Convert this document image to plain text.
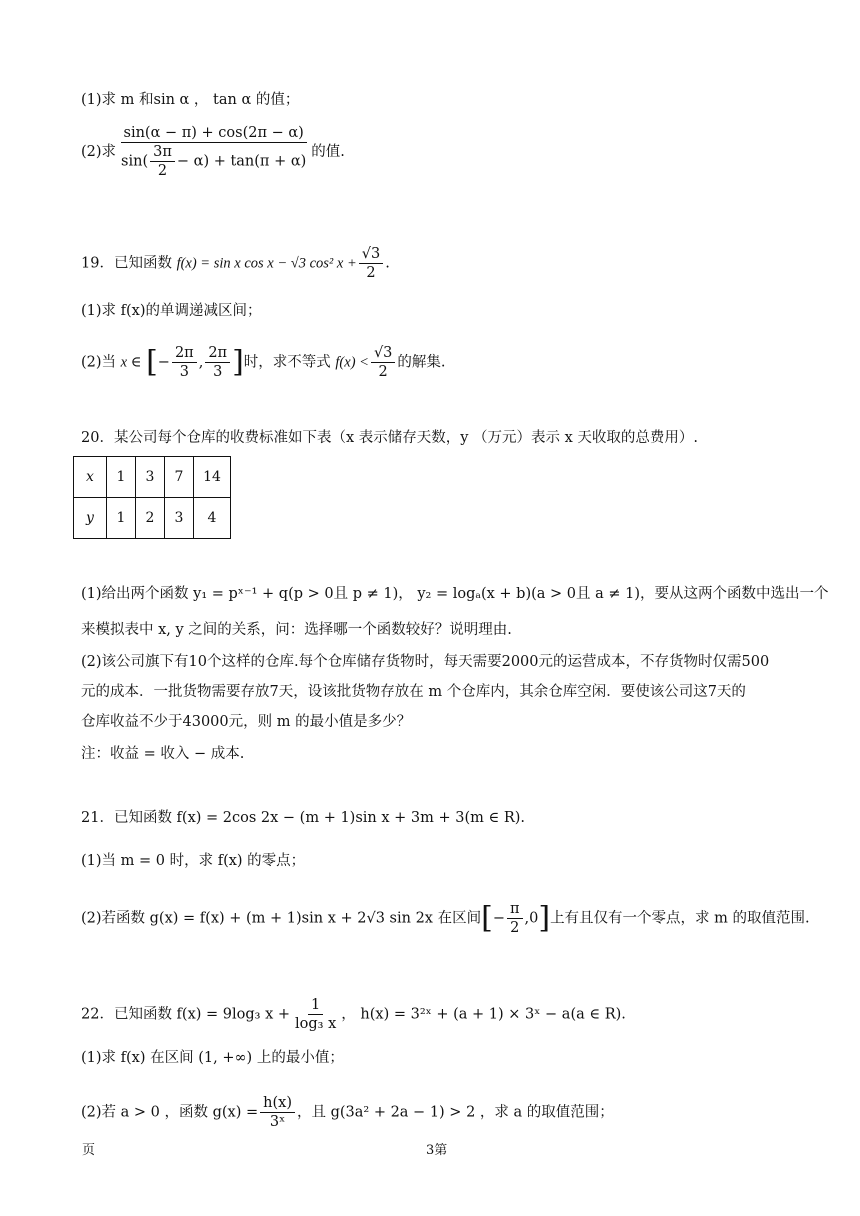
(1)求 m 和sin α ， tan α 的值；
(2)求 $\frac{\sin(\alpha - \pi) + \cos(2\pi - \alpha)}{\sin( \frac{3\pi}{2} - \alpha) + \tan(\pi + \alpha)}$ 的值.
19．已知函数 f(x) = sin x cos x − √3 cos² $x + \frac{√3}{2}$ .
(1)求 f(x)的单调递减区间；
(2)当 x ∈ [− $\frac{2\pi}{3}$ , $\frac{2\pi}{3}$ ]时，求不等式 $f(x) < \frac{√3}{2}$ 的解集.
20．某公司每个仓库的收费标准如下表（x 表示储存天数，y （万元）表示 x 天收取的总费用）.
x	1	3	7	14
y	1	2	3	4
(1)给出两个函数 y₁ = pˣ⁻¹ + q(p > 0且 p ≠ 1)， y₂ = logₐ(x + b)(a > 0且 a ≠ 1)，要从这两个函数中选出一个
来模拟表中 x, y 之间的关系，问：选择哪一个函数较好？说明理由.
(2)该公司旗下有10个这样的仓库.每个仓库储存货物时，每天需要2000元的运营成本，不存货物时仅需500
元的成本．一批货物需要存放7天，设该批货物存放在 m 个仓库内，其余仓库空闲．要使该公司这7天的
仓库收益不少于43000元，则 m 的最小值是多少？
注：收益 = 收入 − 成本.
21．已知函数 f(x) = 2cos 2x − (m + 1)sin x + 3m + 3(m ∈ R).
(1)当 m = 0 时，求 f(x) 的零点；
(2)若函数 g(x) = f(x) + (m + 1)sin x + 2√3 sin 2x 在区间[− $\frac{\pi}{2} ,0$]上有且仅有一个零点，求 m 的取值范围.
22．已知函数 f(x) = 9log₃ $x + \frac{1}{\text{log₃ x}}$ ， h(x) = 3²ˣ + (a + 1) × 3ˣ − a(a ∈ R).
(1)求 f(x) 在区间 (1, +∞) 上的最小值；
(2)若 a > 0 ，函数 $g(x) = \frac{h(x)}{\text{3ˣ}}$ ，且 g(3a² + 2a − 1) > 2 ，求 a 的取值范围；
页	3第
